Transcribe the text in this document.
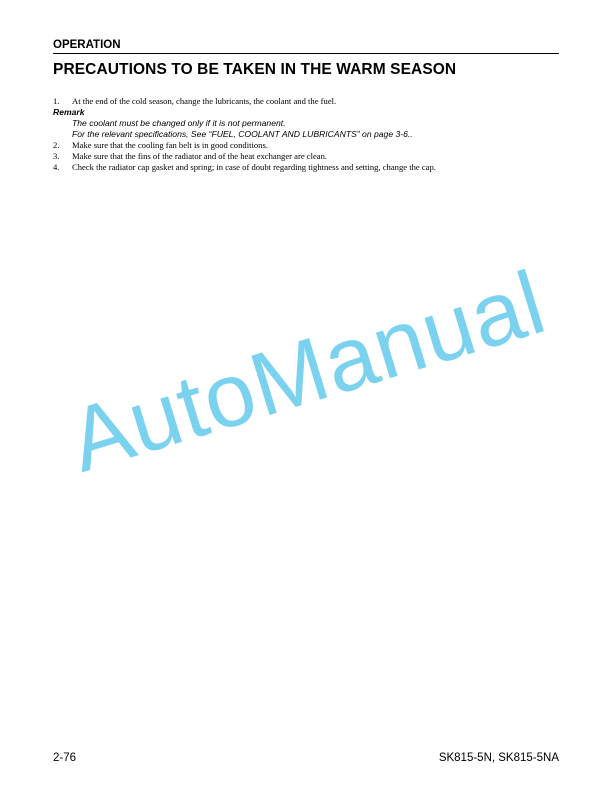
OPERATION
PRECAUTIONS TO BE TAKEN IN THE WARM SEASON
1. At the end of the cold season, change the lubricants, the coolant and the fuel.
Remark
The coolant must be changed only if it is not permanent.
For the relevant specifications, See “FUEL, COOLANT AND LUBRICANTS” on page 3-6..
2. Make sure that the cooling fan belt is in good conditions.
3. Make sure that the fins of the radiator and of the heat exchanger are clean.
4. Check the radiator cap gasket and spring; in case of doubt regarding tightness and setting, change the cap.
AutoManual
2-76	SK815-5N, SK815-5NA
